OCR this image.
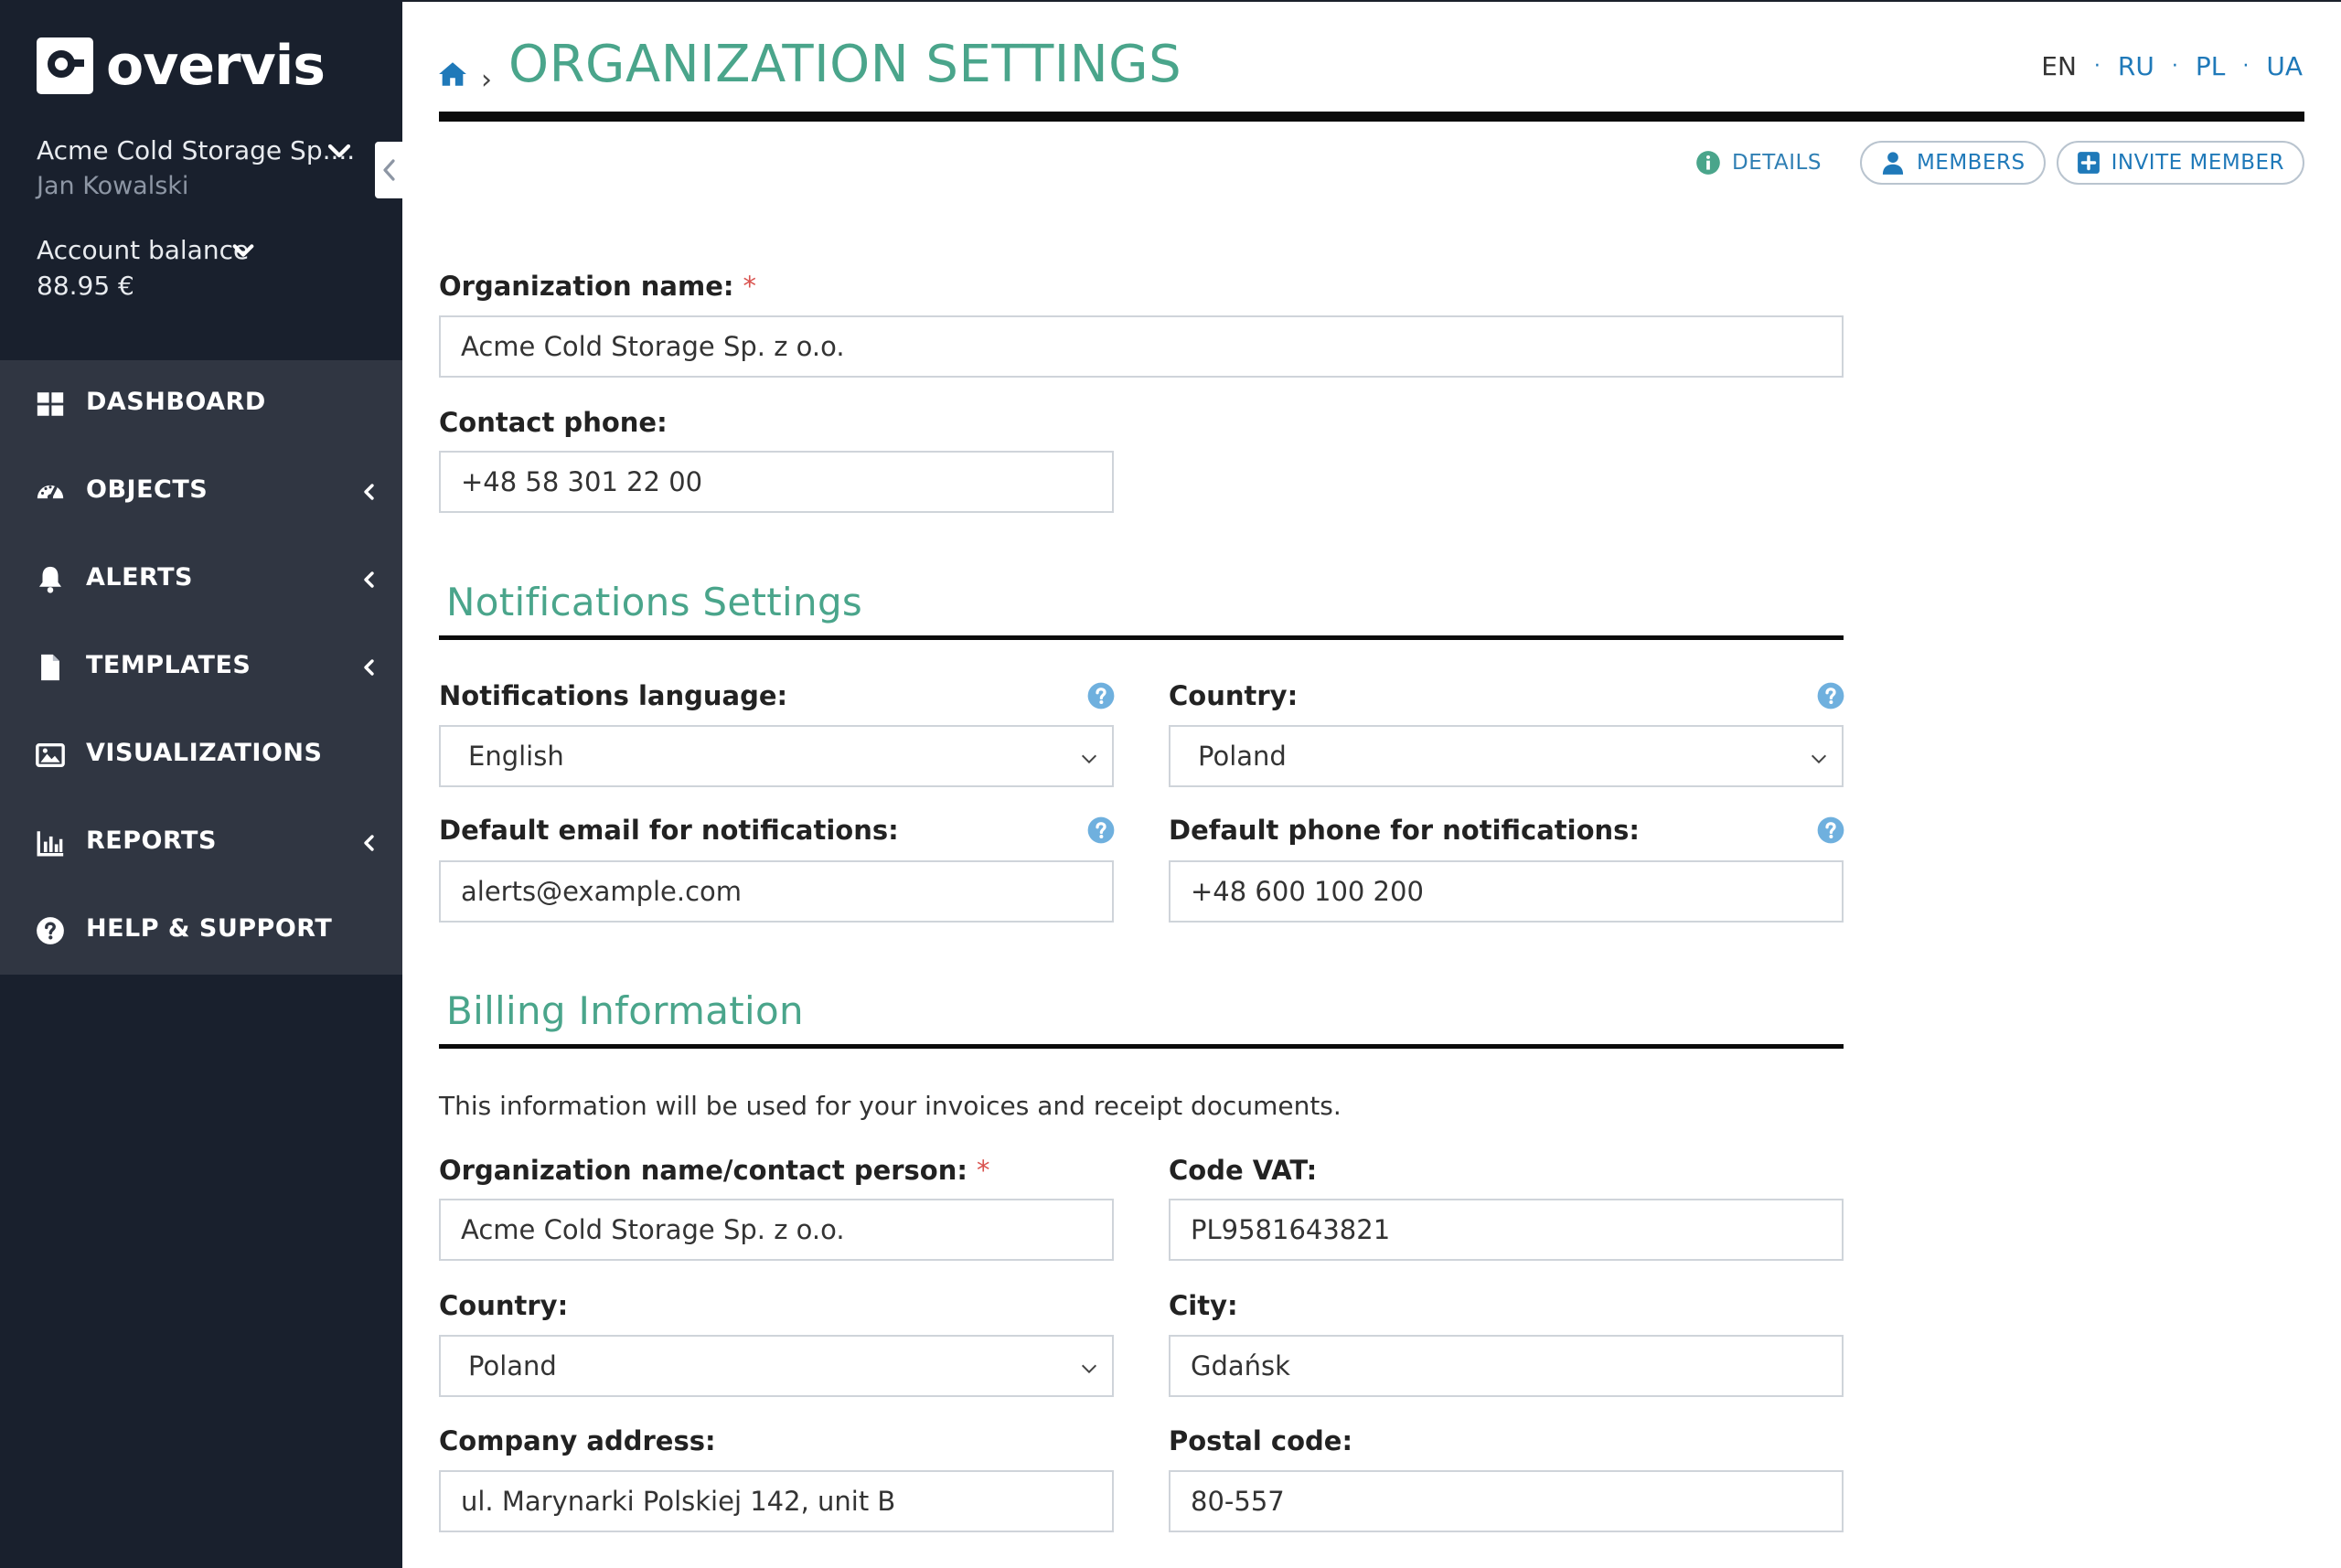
overvis
Acme Cold Storage Sp....
Jan Kowalski
Account balance
88.95 €
DASHBOARD
OBJECTS
ALERTS
TEMPLATES
VISUALIZATIONS
REPORTS
HELP & SUPPORT
› ORGANIZATION SETTINGS	EN · RU · PL · UA
DETAILS	MEMBERS	INVITE MEMBER
Organization name: *
Acme Cold Storage Sp. z o.o.
Contact phone:
+48 58 301 22 00
Notifications Settings
Notifications language:
English
Country:
Poland
Default email for notifications:
alerts@example.com
Default phone for notifications:
+48 600 100 200
Billing Information
This information will be used for your invoices and receipt documents.
Organization name/contact person: *
Acme Cold Storage Sp. z o.o.
Code VAT:
PL9581643821
Country:
Poland
City:
Gdańsk
Company address:
ul. Marynarki Polskiej 142, unit B
Postal code:
80-557
